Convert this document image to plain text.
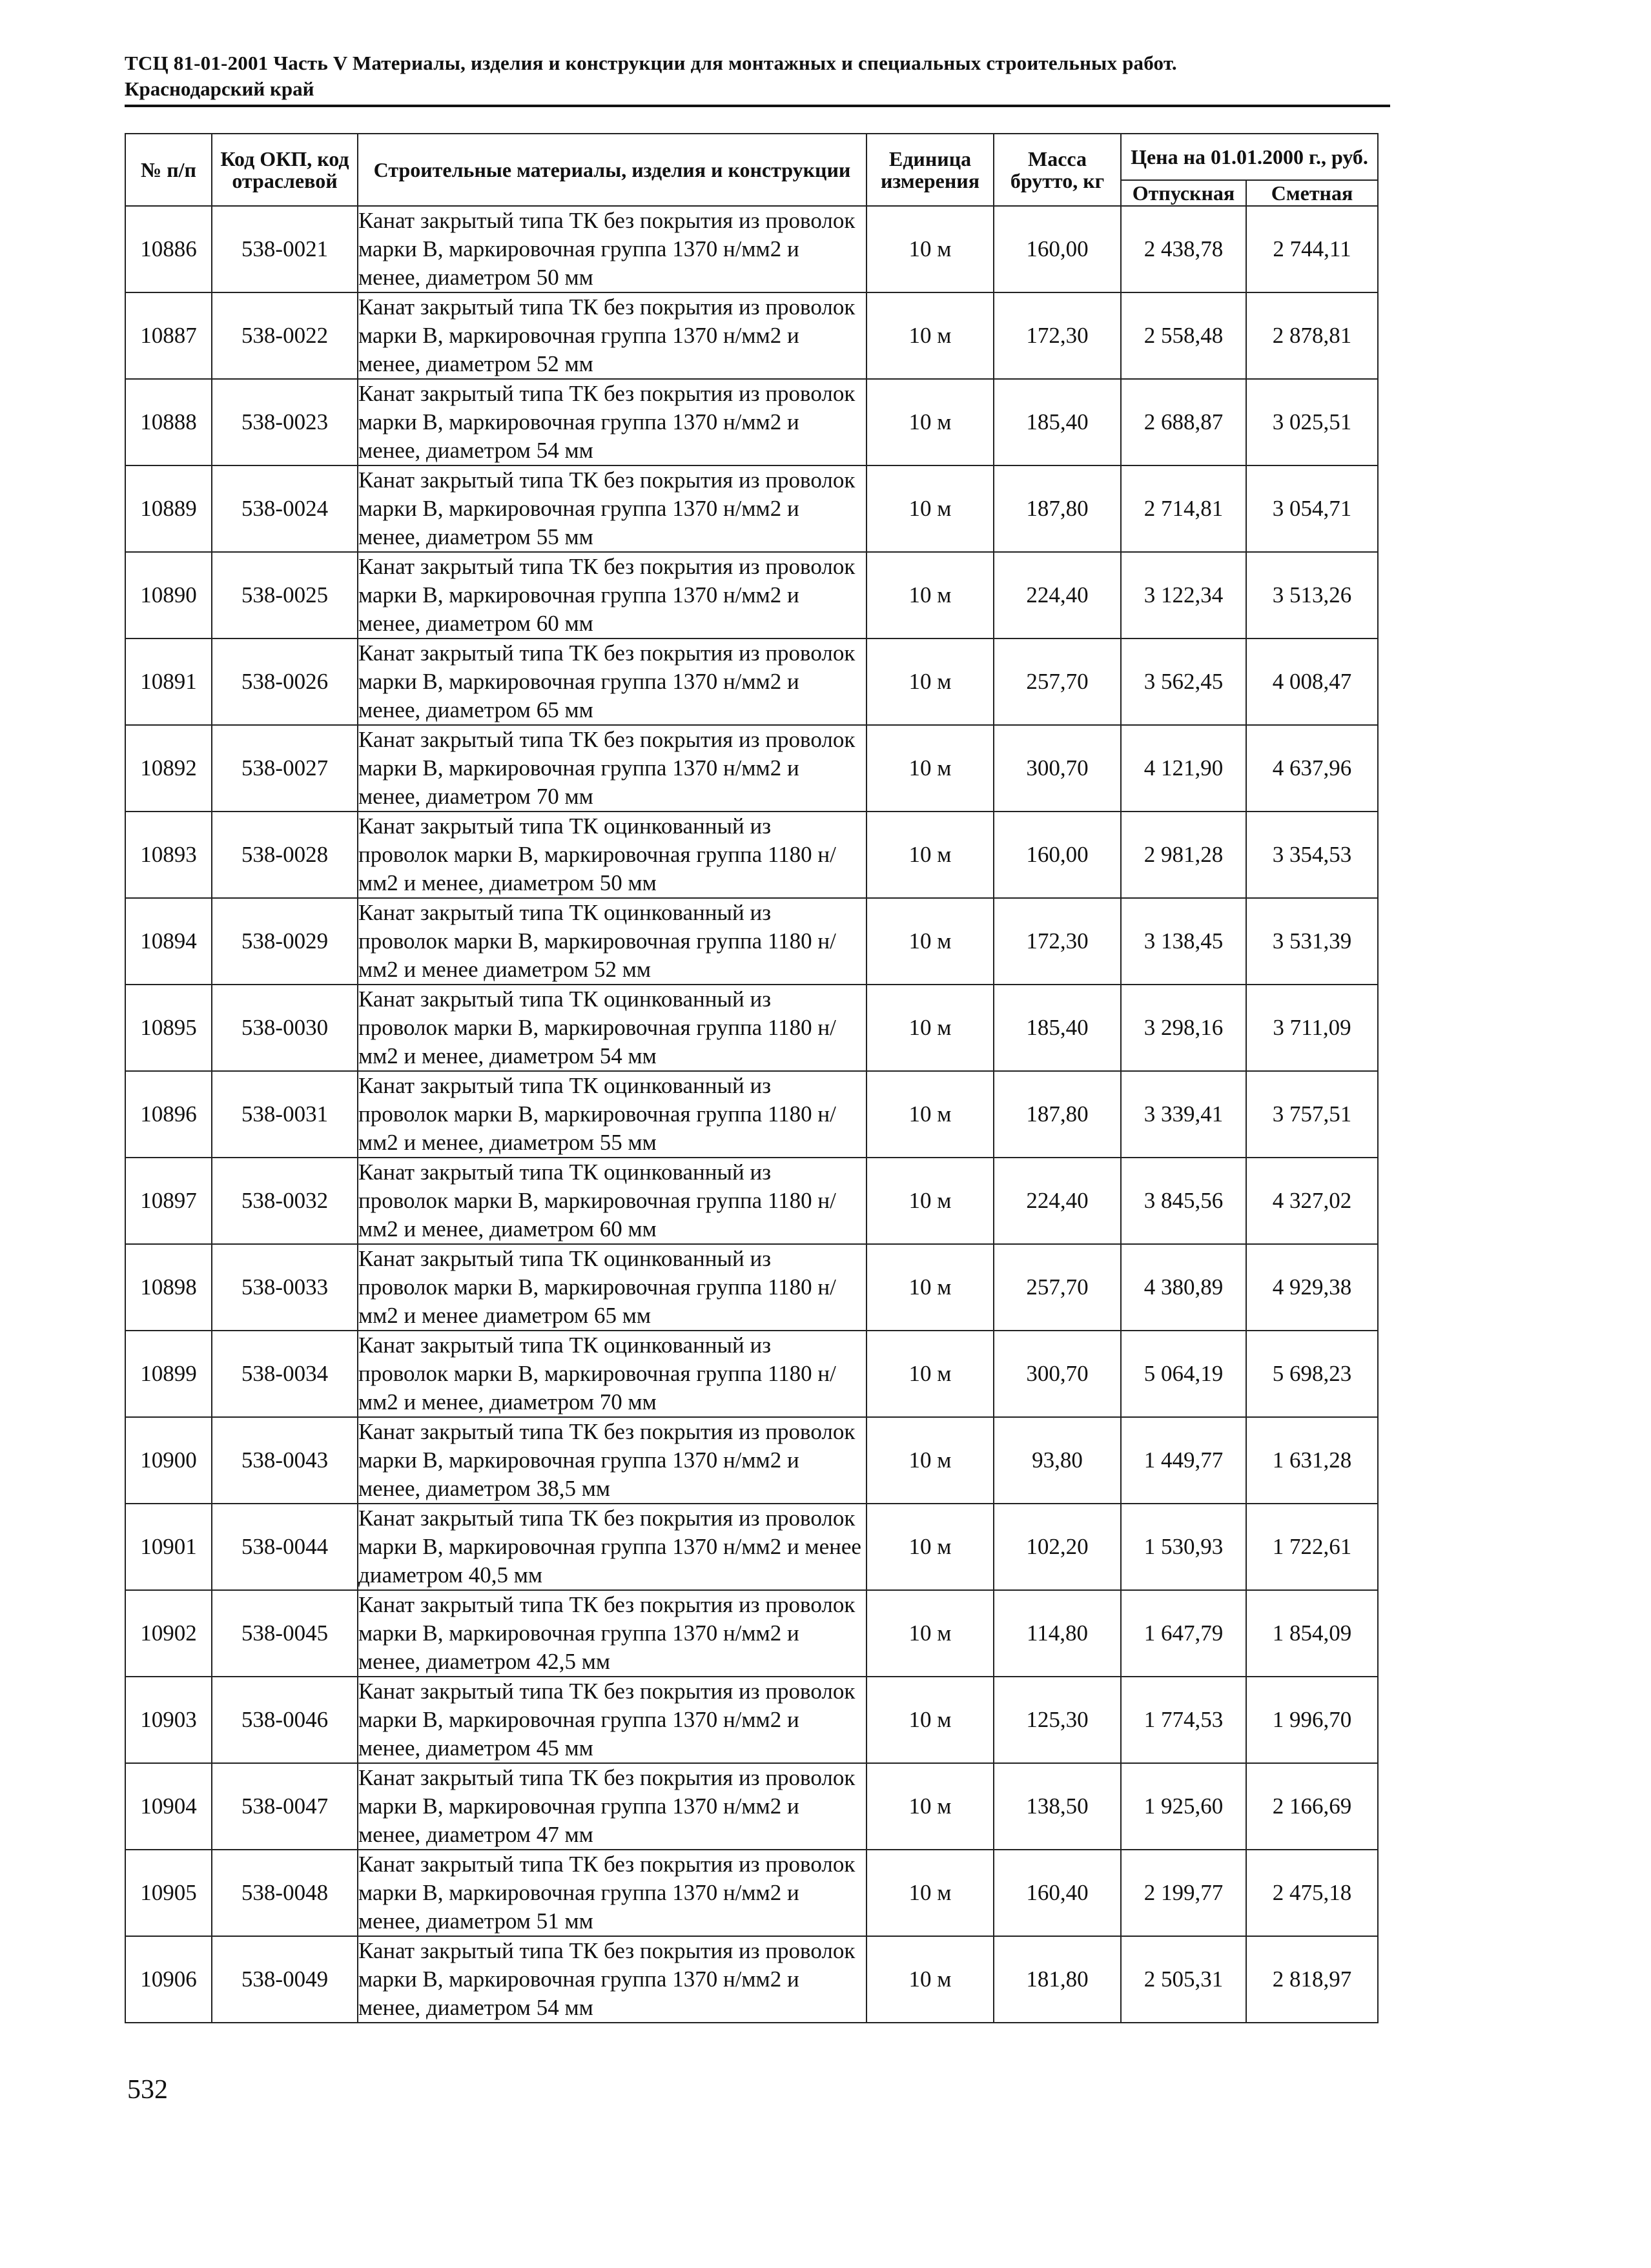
ТСЦ 81-01-2001 Часть V Материалы, изделия и конструкции для монтажных и специальных строительных работ.
Краснодарский край
№ п/п	Код ОКП, код отраслевой	Строительные материалы, изделия и конструкции	Единица измерения	Масса брутто, кг	Цена на 01.01.2000 г., руб.	
					Отпускная	Сметная
10886	538-0021	Канат закрытый типа ТК без покрытия из проволок марки В, маркировочная группа 1370 н/мм2 и менее, диаметром 50 мм	10 м	160,00	2 438,78	2 744,11
10887	538-0022	Канат закрытый типа ТК без покрытия из проволок марки В, маркировочная группа 1370 н/мм2 и менее, диаметром 52 мм	10 м	172,30	2 558,48	2 878,81
10888	538-0023	Канат закрытый типа ТК без покрытия из проволок марки В, маркировочная группа 1370 н/мм2 и менее, диаметром 54 мм	10 м	185,40	2 688,87	3 025,51
10889	538-0024	Канат закрытый типа ТК без покрытия из проволок марки В, маркировочная группа 1370 н/мм2 и менее, диаметром 55 мм	10 м	187,80	2 714,81	3 054,71
10890	538-0025	Канат закрытый типа ТК без покрытия из проволок марки В, маркировочная группа 1370 н/мм2 и менее, диаметром 60 мм	10 м	224,40	3 122,34	3 513,26
10891	538-0026	Канат закрытый типа ТК без покрытия из проволок марки В, маркировочная группа 1370 н/мм2 и менее, диаметром 65 мм	10 м	257,70	3 562,45	4 008,47
10892	538-0027	Канат закрытый типа ТК без покрытия из проволок марки В, маркировочная группа 1370 н/мм2 и менее, диаметром 70 мм	10 м	300,70	4 121,90	4 637,96
10893	538-0028	Канат закрытый типа ТК оцинкованный из проволок марки В, маркировочная группа 1180 н/мм2 и менее, диаметром 50 мм	10 м	160,00	2 981,28	3 354,53
10894	538-0029	Канат закрытый типа ТК оцинкованный из проволок марки В, маркировочная группа 1180 н/мм2 и менее диаметром 52 мм	10 м	172,30	3 138,45	3 531,39
10895	538-0030	Канат закрытый типа ТК оцинкованный из проволок марки В, маркировочная группа 1180 н/мм2 и менее, диаметром 54 мм	10 м	185,40	3 298,16	3 711,09
10896	538-0031	Канат закрытый типа ТК оцинкованный из проволок марки В, маркировочная группа 1180 н/мм2 и менее, диаметром 55 мм	10 м	187,80	3 339,41	3 757,51
10897	538-0032	Канат закрытый типа ТК оцинкованный из проволок марки В, маркировочная группа 1180 н/мм2 и менее, диаметром 60 мм	10 м	224,40	3 845,56	4 327,02
10898	538-0033	Канат закрытый типа ТК оцинкованный из проволок марки В, маркировочная группа 1180 н/мм2 и менее диаметром 65 мм	10 м	257,70	4 380,89	4 929,38
10899	538-0034	Канат закрытый типа ТК оцинкованный из проволок марки В, маркировочная группа 1180 н/мм2 и менее, диаметром 70 мм	10 м	300,70	5 064,19	5 698,23
10900	538-0043	Канат закрытый типа ТК без покрытия из проволок марки В, маркировочная группа 1370 н/мм2 и менее, диаметром 38,5 мм	10 м	93,80	1 449,77	1 631,28
10901	538-0044	Канат закрытый типа ТК без покрытия из проволок марки В, маркировочная группа 1370 н/мм2 и менее диаметром 40,5 мм	10 м	102,20	1 530,93	1 722,61
10902	538-0045	Канат закрытый типа ТК без покрытия из проволок марки В, маркировочная группа 1370 н/мм2 и менее, диаметром 42,5 мм	10 м	114,80	1 647,79	1 854,09
10903	538-0046	Канат закрытый типа ТК без покрытия из проволок марки В, маркировочная группа 1370 н/мм2 и менее, диаметром 45 мм	10 м	125,30	1 774,53	1 996,70
10904	538-0047	Канат закрытый типа ТК без покрытия из проволок марки В, маркировочная группа 1370 н/мм2 и менее, диаметром 47 мм	10 м	138,50	1 925,60	2 166,69
10905	538-0048	Канат закрытый типа ТК без покрытия из проволок марки В, маркировочная группа 1370 н/мм2 и менее, диаметром 51 мм	10 м	160,40	2 199,77	2 475,18
10906	538-0049	Канат закрытый типа ТК без покрытия из проволок марки В, маркировочная группа 1370 н/мм2 и менее, диаметром 54 мм	10 м	181,80	2 505,31	2 818,97
532
